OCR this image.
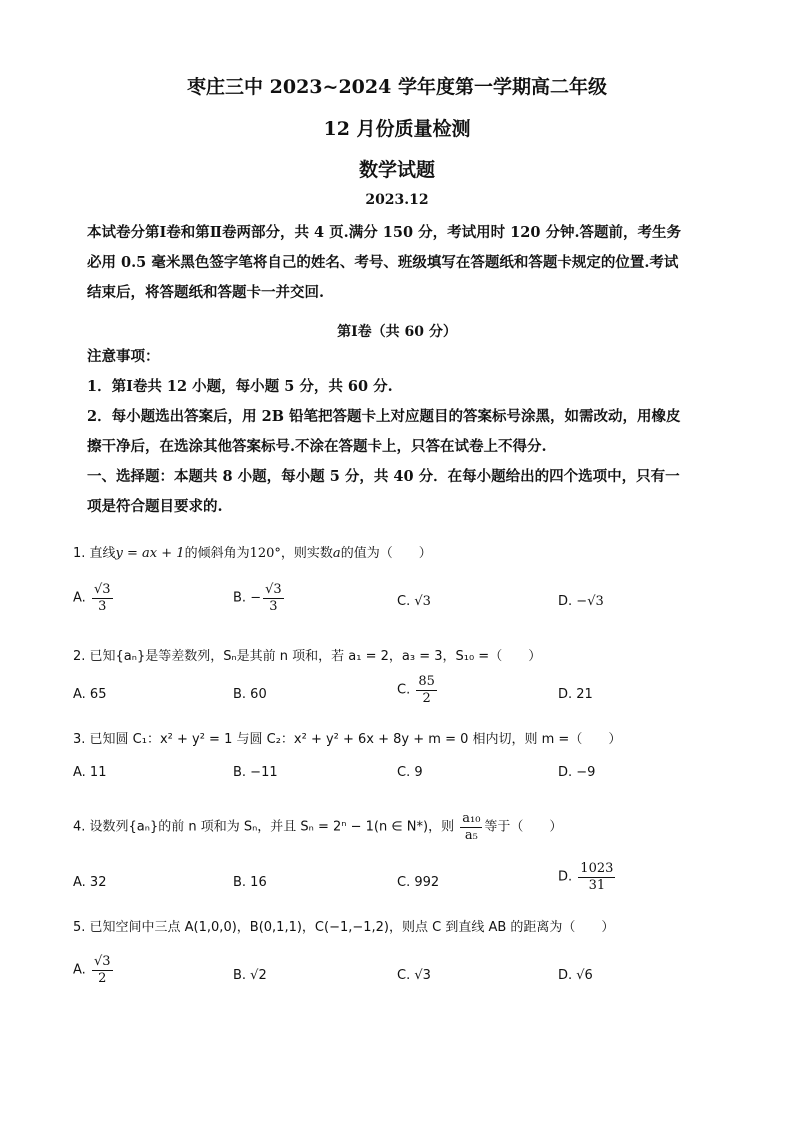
枣庄三中 2023~2024 学年度第一学期高二年级
12 月份质量检测
数学试题
2023.12
本试卷分第Ⅰ卷和第Ⅱ卷两部分，共 4 页.满分 150 分，考试用时 120 分钟.答题前，考生务
必用 0.5 毫米黑色签字笔将自己的姓名、考号、班级填写在答题纸和答题卡规定的位置.考试
结束后，将答题纸和答题卡一并交回.
第Ⅰ卷（共 60 分）
注意事项：
1．第Ⅰ卷共 12 小题，每小题 5 分，共 60 分.
2．每小题选出答案后，用 2B 铅笔把答题卡上对应题目的答案标号涂黑，如需改动，用橡皮
擦干净后，在选涂其他答案标号.不涂在答题卡上，只答在试卷上不得分.
一、选择题：本题共 8 小题，每小题 5 分，共 40 分．在每小题给出的四个选项中，只有一
项是符合题目要求的.
1. 直线y = ax + 1的倾斜角为120°，则实数a的值为（　　）
A. $\frac{√3}{3}$	B. − $\frac{√3}{3}$	C. √3	D. −√3
2. 已知{aₙ}是等差数列，Sₙ是其前 n 项和，若 a₁ = 2，a₃ = 3，S₁₀ =（　　）
A. 65	B. 60	C. $\frac{85}{2}$	D. 21
3. 已知圆 C₁：x² + y² = 1 与圆 C₂：x² + y² + 6x + 8y + m = 0 相内切，则 m =（　　）
A. 11	B. −11	C. 9	D. −9
4. 设数列{aₙ}的前 n 项和为 Sₙ，并且 Sₙ = 2ⁿ − 1(n ∈ N*)，则 $\frac{\text{a₁₀}}{\text{a₅}}$ 等于（　　）
A. 32	B. 16	C. 992	D. $\frac{1023}{31}$
5. 已知空间中三点 A(1,0,0)，B(0,1,1)，C(−1,−1,2)，则点 C 到直线 AB 的距离为（　　）
A. $\frac{√3}{2}$	B. √2	C. √3	D. √6
